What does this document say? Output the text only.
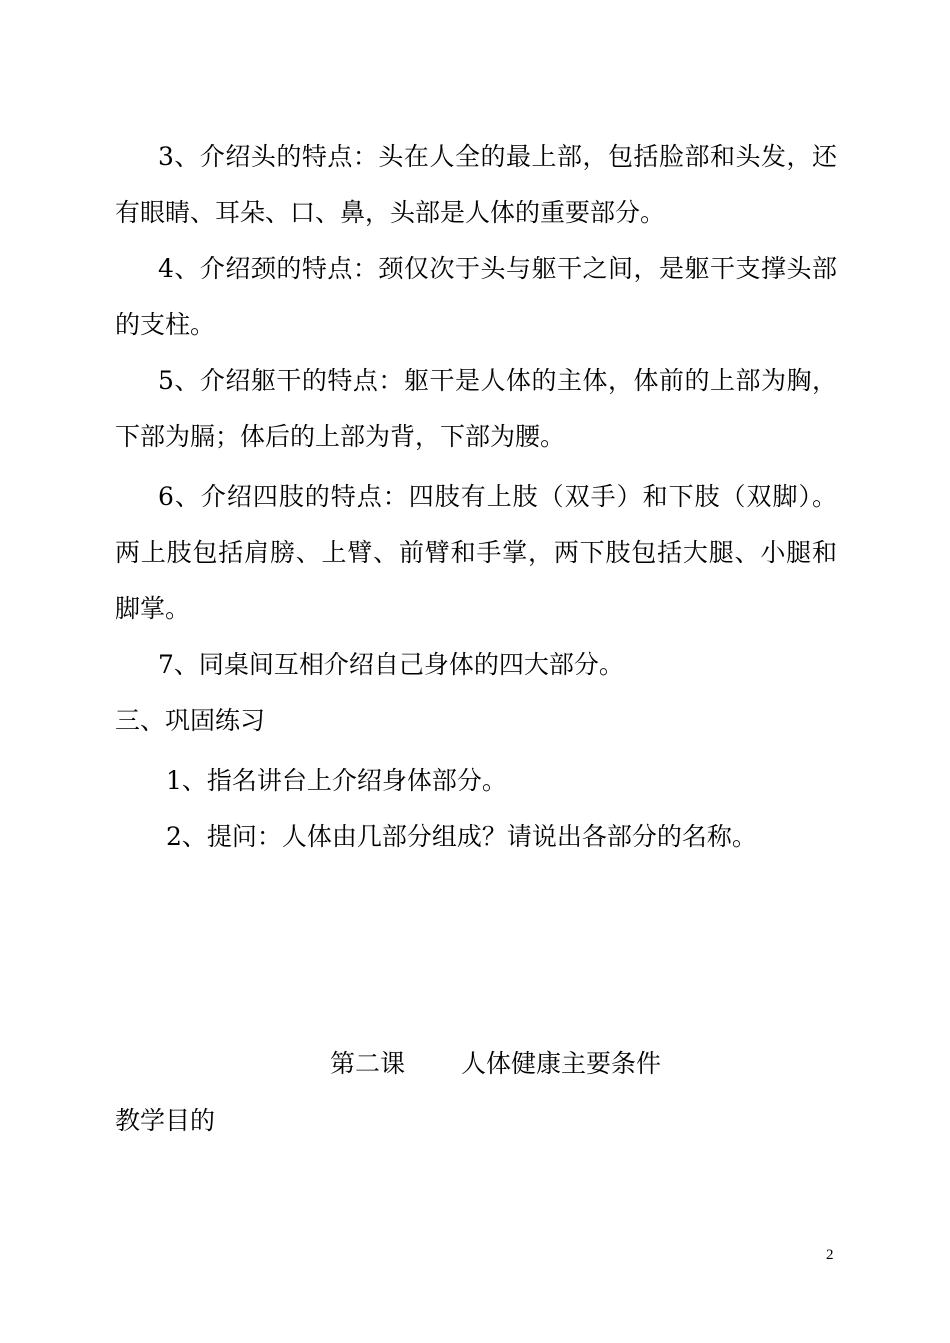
3、介绍头的特点：头在人全的最上部，包括脸部和头发，还
有眼睛、耳朵、口、鼻，头部是人体的重要部分。
4、介绍颈的特点：颈仅次于头与躯干之间，是躯干支撑头部
的支柱。
5、介绍躯干的特点：躯干是人体的主体，体前的上部为胸，
下部为膈；体后的上部为背，下部为腰。
6、介绍四肢的特点：四肢有上肢（双手）和下肢（双脚）。
两上肢包括肩膀、上臂、前臂和手掌，两下肢包括大腿、小腿和
脚掌。
7、同桌间互相介绍自己身体的四大部分。
三、巩固练习
1、指名讲台上介绍身体部分。
2、提问：人体由几部分组成？请说出各部分的名称。
第二课 人体健康主要条件
教学目的
2
